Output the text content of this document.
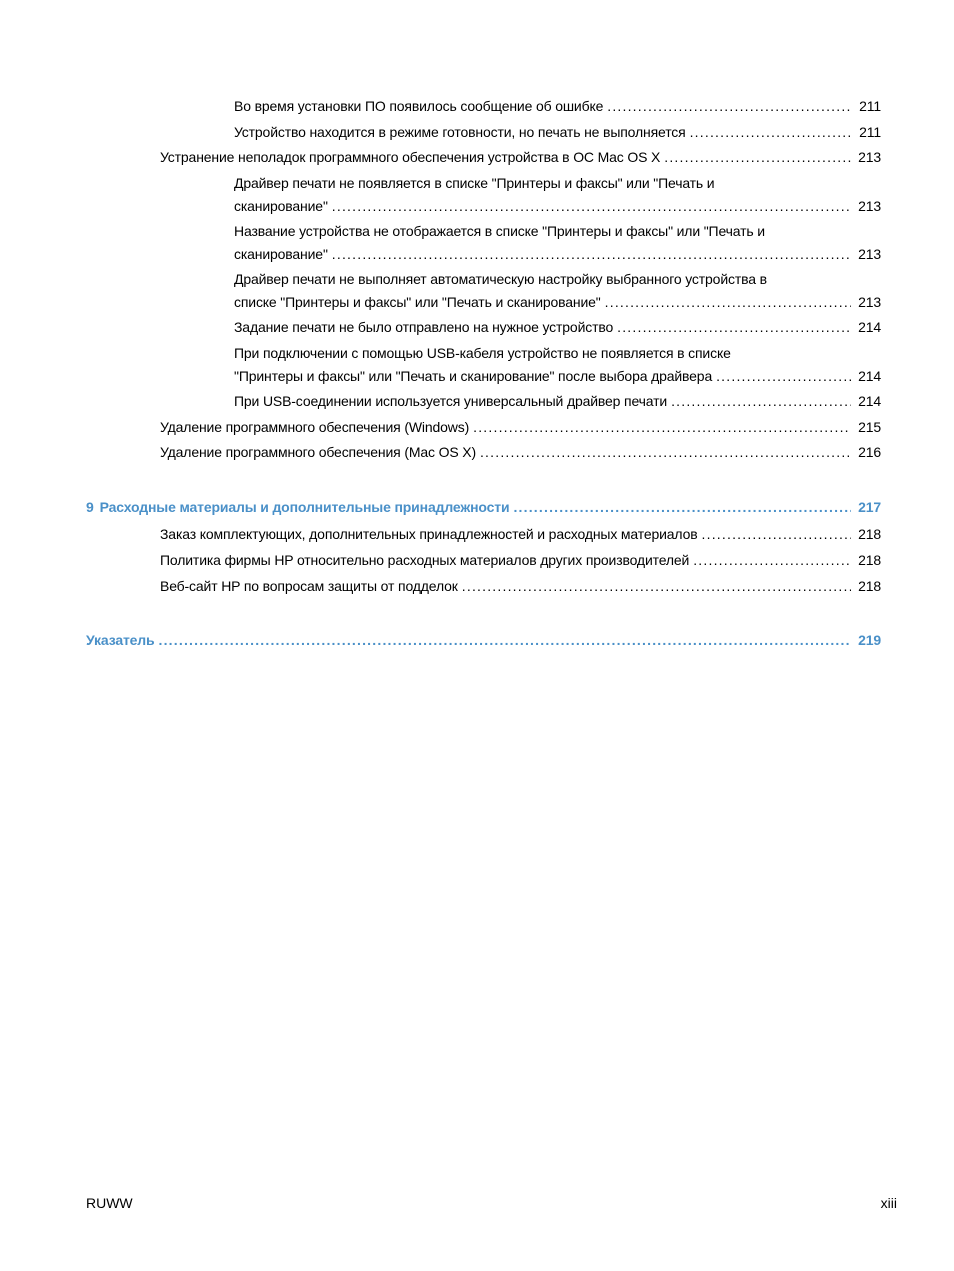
Во время установки ПО появилось сообщение об ошибке .....	211
Устройство находится в режиме готовности, но печать не выполняется .....	211
Устранение неполадок программного обеспечения устройства в ОС Mac OS X .....	213
Драйвер печати не появляется в списке "Принтеры и факсы" или "Печать и
сканирование" .....	213
Название устройства не отображается в списке "Принтеры и факсы" или "Печать и
сканирование" .....	213
Драйвер печати не выполняет автоматическую настройку выбранного устройства в
списке "Принтеры и факсы" или "Печать и сканирование" .....	213
Задание печати не было отправлено на нужное устройство .....	214
При подключении с помощью USB-кабеля устройство не появляется в списке
"Принтеры и факсы" или "Печать и сканирование" после выбора драйвера .....	214
При USB-соединении используется универсальный драйвер печати .....	214
Удаление программного обеспечения (Windows) .....	215
Удаление программного обеспечения (Mac OS X) .....	216
9 Расходные материалы и дополнительные принадлежности .....	217
Заказ комплектующих, дополнительных принадлежностей и расходных материалов .....	218
Политика фирмы HP относительно расходных материалов других производителей .....	218
Веб-сайт HP по вопросам защиты от подделок .....	218
Указатель .....	219
RUWW	xiii
